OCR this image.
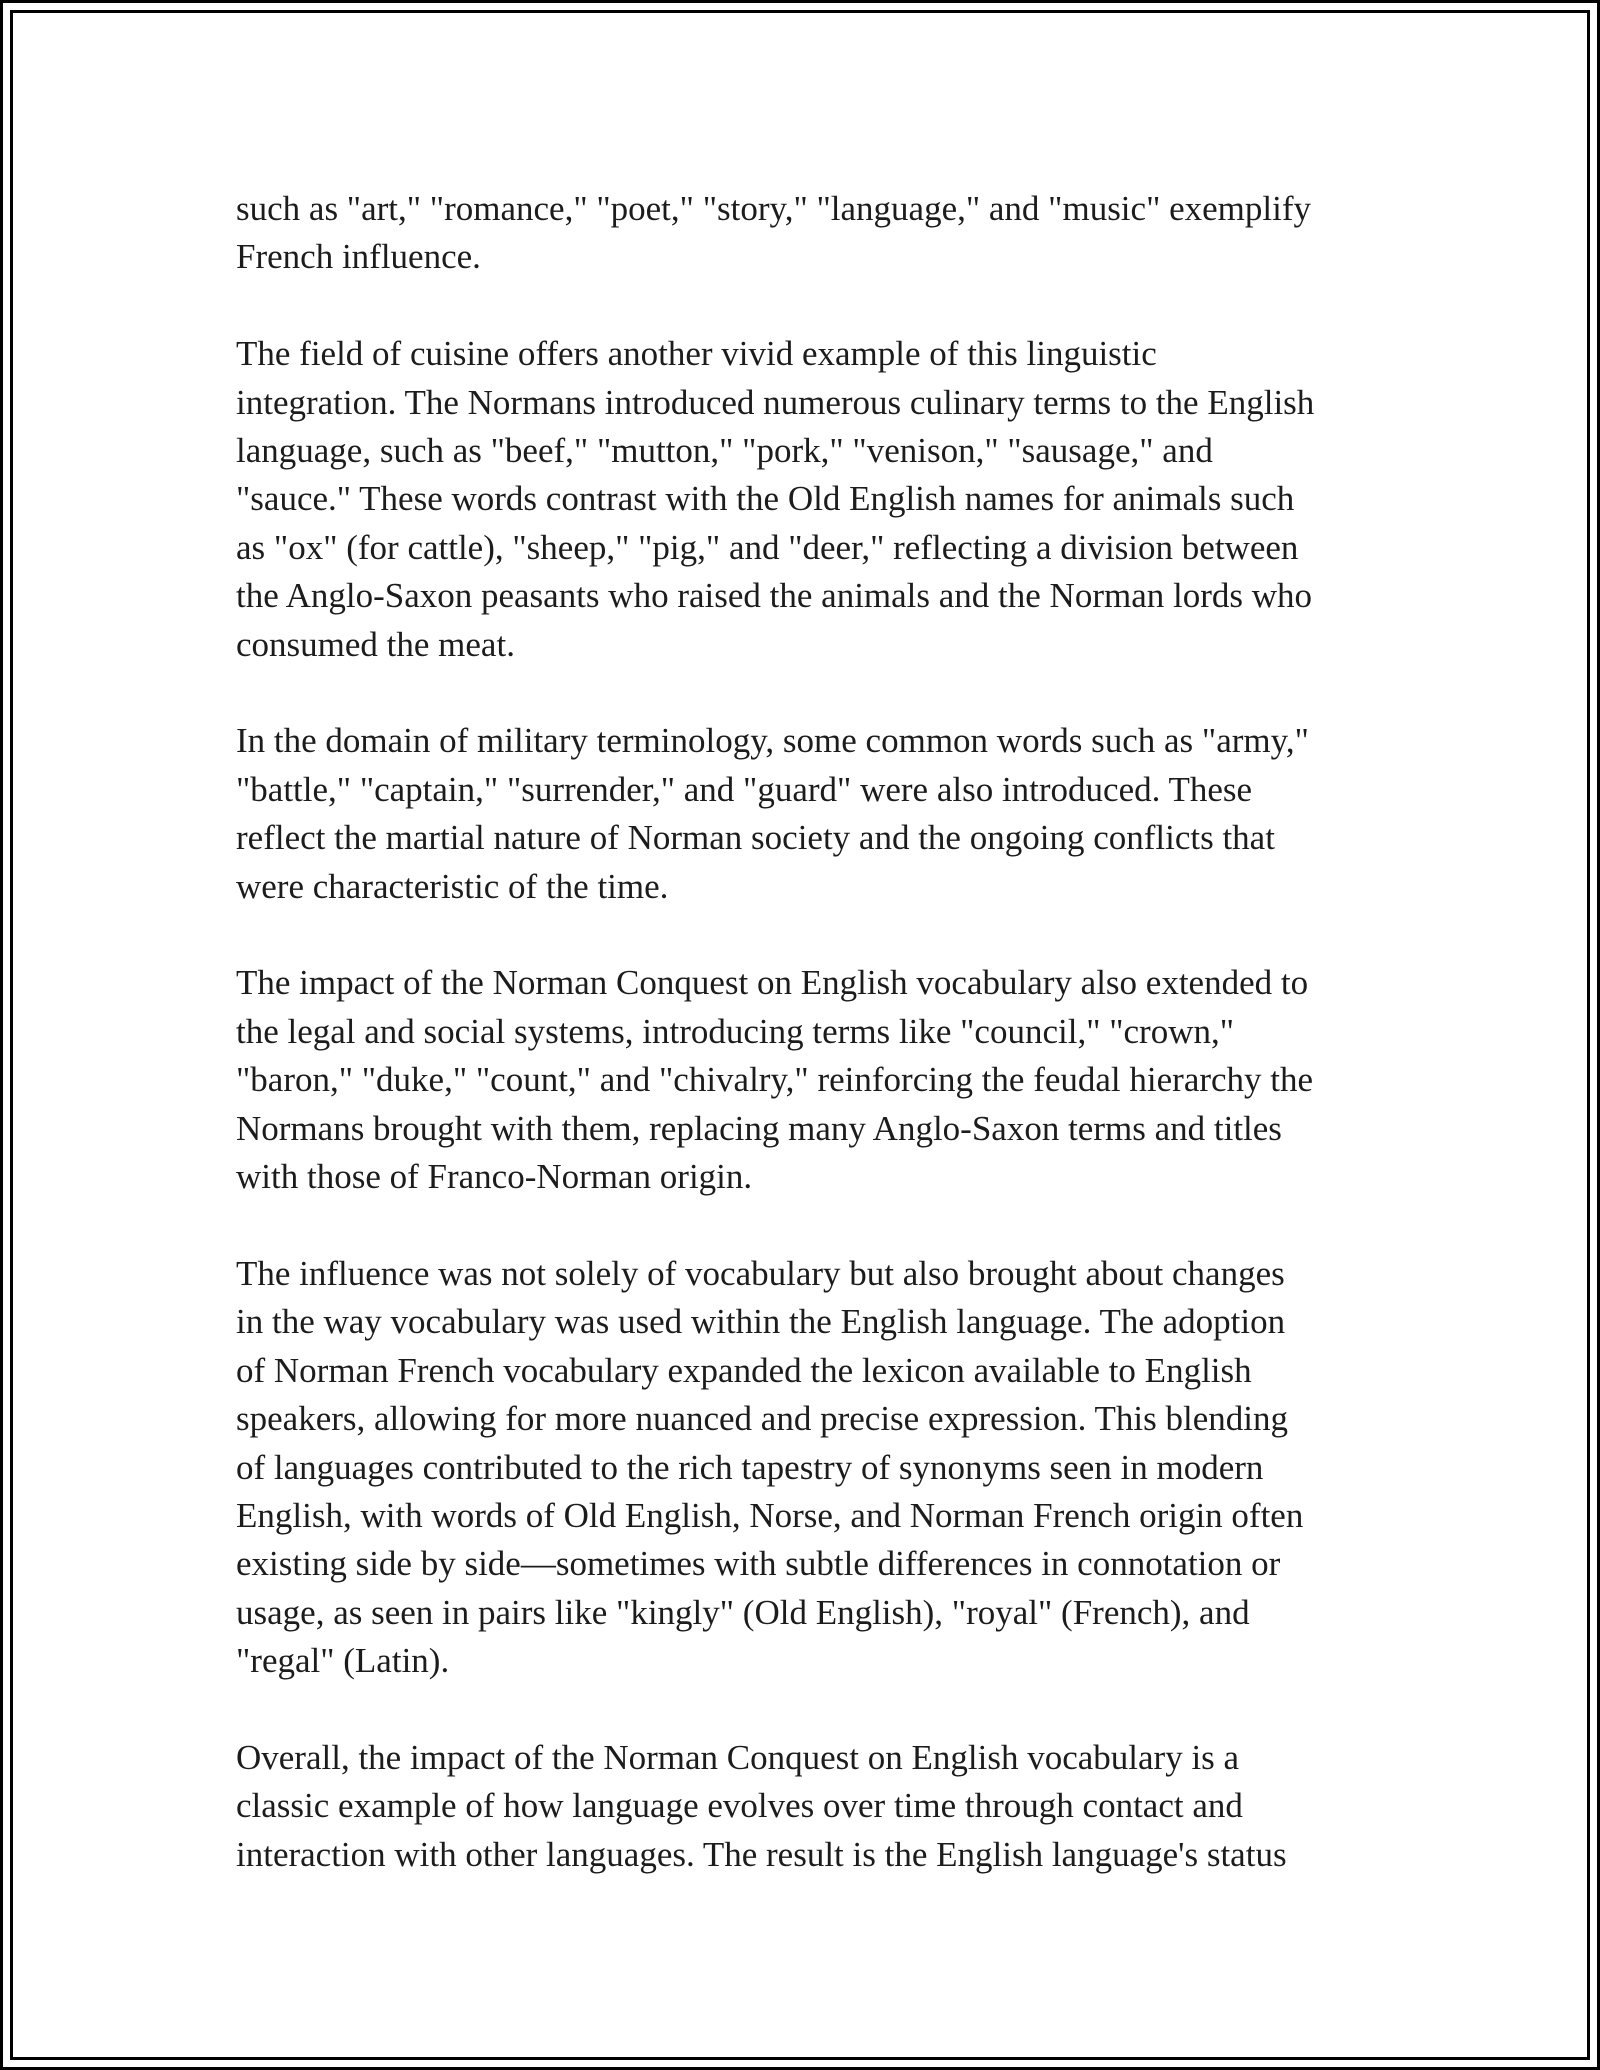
such as "art," "romance," "poet," "story," "language," and "music" exemplify
French influence.

The field of cuisine offers another vivid example of this linguistic
integration. The Normans introduced numerous culinary terms to the English
language, such as "beef," "mutton," "pork," "venison," "sausage," and
"sauce." These words contrast with the Old English names for animals such
as "ox" (for cattle), "sheep," "pig," and "deer," reflecting a division between
the Anglo-Saxon peasants who raised the animals and the Norman lords who
consumed the meat.

In the domain of military terminology, some common words such as "army,"
"battle," "captain," "surrender," and "guard" were also introduced. These
reflect the martial nature of Norman society and the ongoing conflicts that
were characteristic of the time.

The impact of the Norman Conquest on English vocabulary also extended to
the legal and social systems, introducing terms like "council," "crown,"
"baron," "duke," "count," and "chivalry," reinforcing the feudal hierarchy the
Normans brought with them, replacing many Anglo-Saxon terms and titles
with those of Franco-Norman origin.

The influence was not solely of vocabulary but also brought about changes
in the way vocabulary was used within the English language. The adoption
of Norman French vocabulary expanded the lexicon available to English
speakers, allowing for more nuanced and precise expression. This blending
of languages contributed to the rich tapestry of synonyms seen in modern
English, with words of Old English, Norse, and Norman French origin often
existing side by side—sometimes with subtle differences in connotation or
usage, as seen in pairs like "kingly" (Old English), "royal" (French), and
"regal" (Latin).

Overall, the impact of the Norman Conquest on English vocabulary is a
classic example of how language evolves over time through contact and
interaction with other languages. The result is the English language's status
